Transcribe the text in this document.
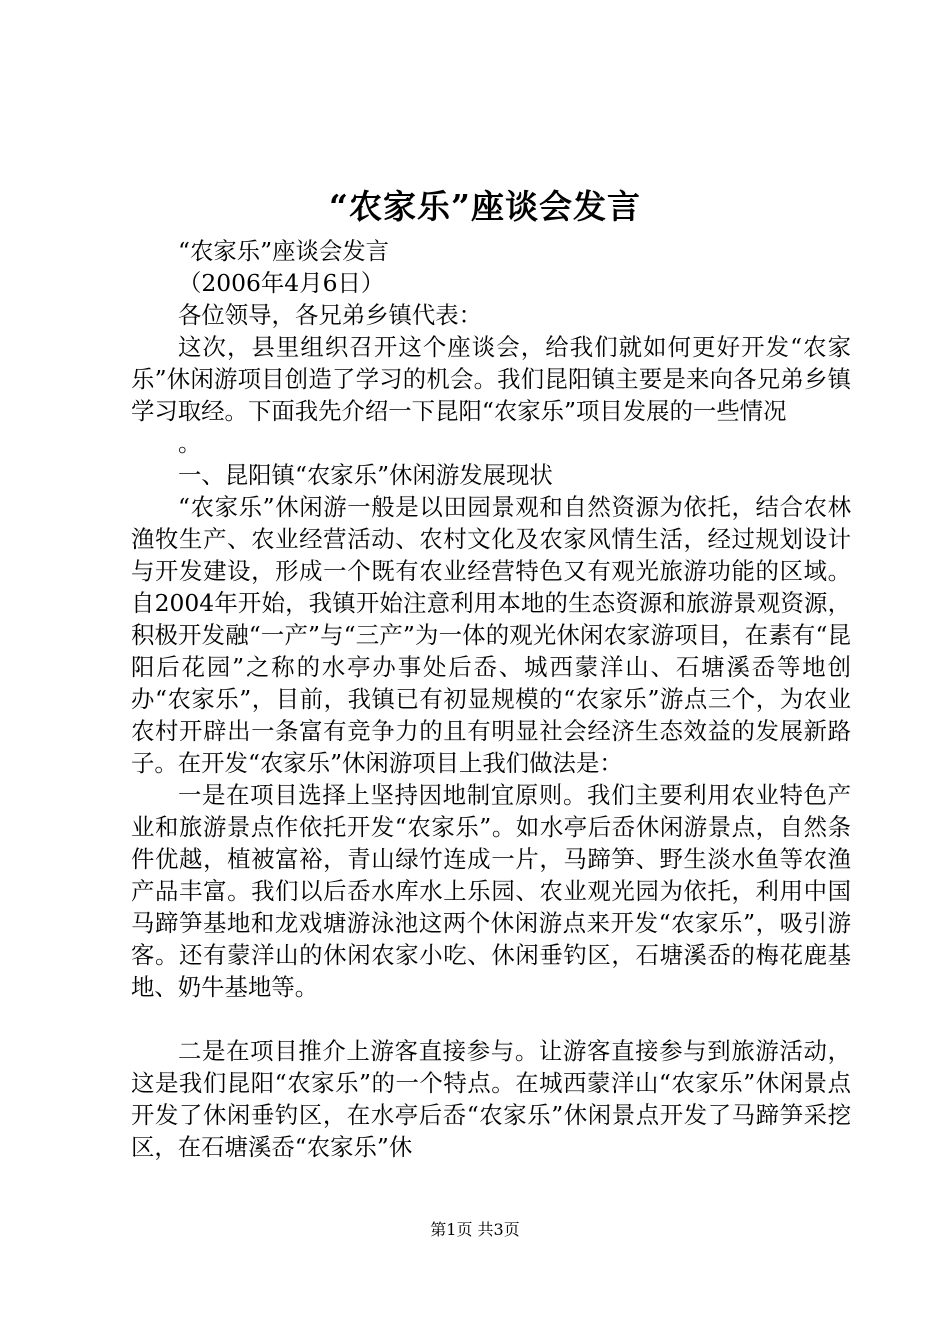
“农家乐”座谈会发言

“农家乐”座谈会发言

（2006年4月6日）

各位领导，各兄弟乡镇代表：

这次，县里组织召开这个座谈会，给我们就如何更好开发“农家乐”休闲游项目创造了学习的机会。我们昆阳镇主要是来向各兄弟乡镇学习取经。下面我先介绍一下昆阳“农家乐”项目发展的一些情况

。

一、昆阳镇“农家乐”休闲游发展现状

“农家乐”休闲游一般是以田园景观和自然资源为依托，结合农林渔牧生产、农业经营活动、农村文化及农家风情生活，经过规划设计与开发建设，形成一个既有农业经营特色又有观光旅游功能的区域。自2004年开始，我镇开始注意利用本地的生态资源和旅游景观资源，积极开发融“一产”与“三产”为一体的观光休闲农家游项目，在素有“昆阳后花园”之称的水亭办事处后岙、城西蒙洋山、石塘溪岙等地创办“农家乐”，目前，我镇已有初显规模的“农家乐”游点三个，为农业农村开辟出一条富有竞争力的且有明显社会经济生态效益的发展新路子。在开发“农家乐”休闲游项目上我们做法是：

一是在项目选择上坚持因地制宜原则。我们主要利用农业特色产业和旅游景点作依托开发“农家乐”。如水亭后岙休闲游景点，自然条件优越，植被富裕，青山绿竹连成一片，马蹄笋、野生淡水鱼等农渔产品丰富。我们以后岙水库水上乐园、农业观光园为依托，利用中国马蹄笋基地和龙戏塘游泳池这两个休闲游点来开发“农家乐”，吸引游客。还有蒙洋山的休闲农家小吃、休闲垂钓区，石塘溪岙的梅花鹿基地、奶牛基地等。

二是在项目推介上游客直接参与。让游客直接参与到旅游活动，这是我们昆阳“农家乐”的一个特点。在城西蒙洋山“农家乐”休闲景点开发了休闲垂钓区，在水亭后岙“农家乐”休闲景点开发了马蹄笋采挖区，在石塘溪岙“农家乐”休

第1页 共3页
